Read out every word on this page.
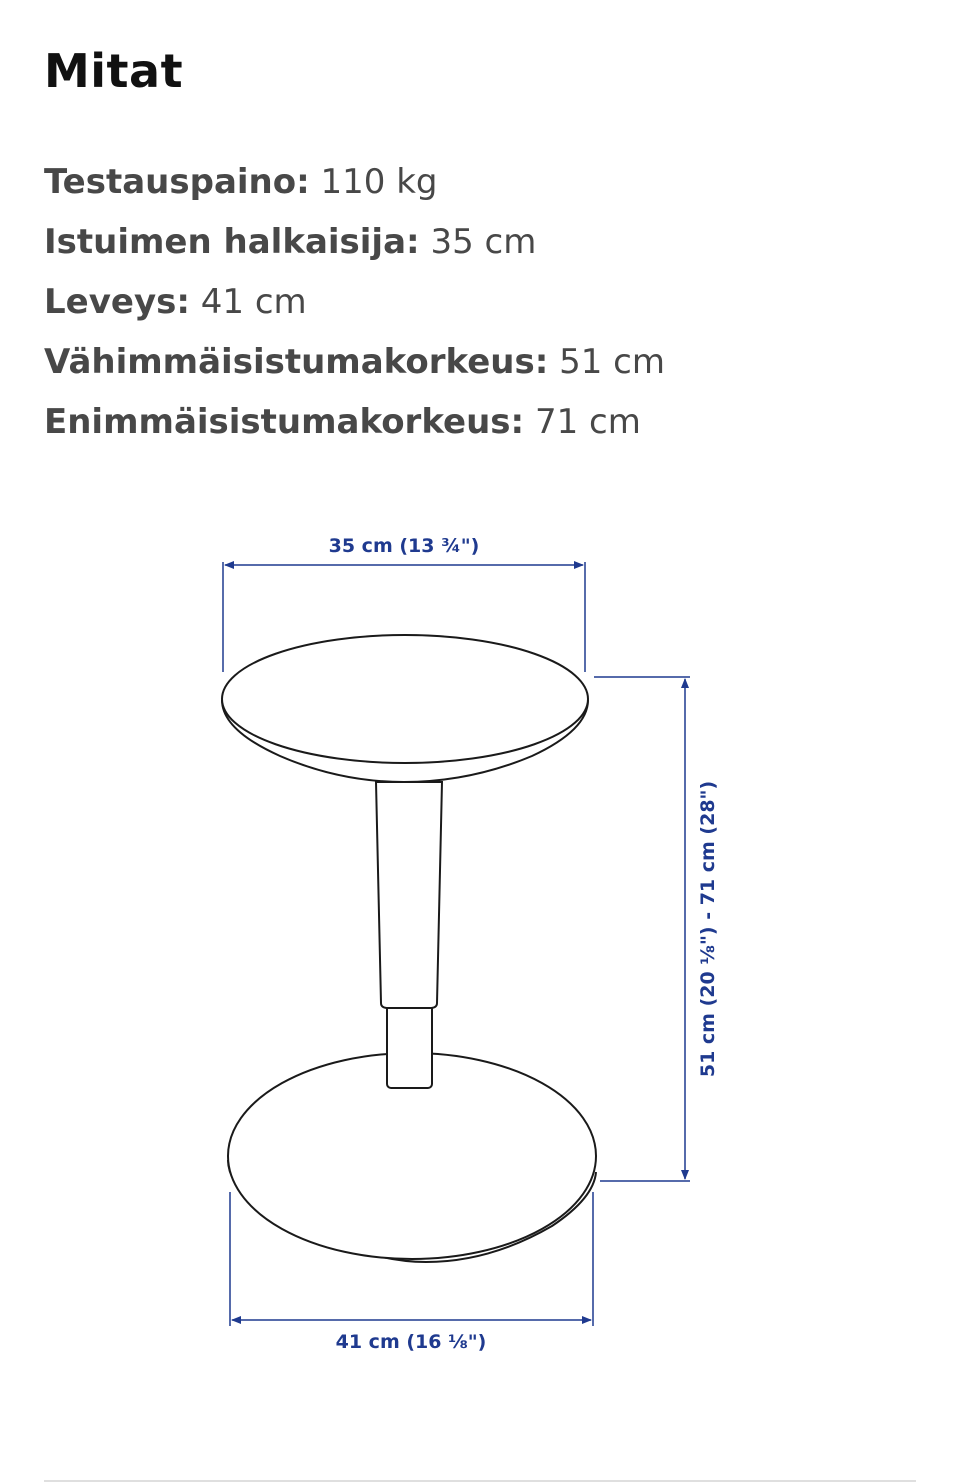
Mitat
Testauspaino: 110 kg
Istuimen halkaisija: 35 cm
Leveys: 41 cm
Vähimmäisistumakorkeus: 51 cm
Enimmäisistumakorkeus: 71 cm
35 cm (13 ¾")
51 cm (20 ⅛") - 71 cm (28")
41 cm (16 ⅛")
